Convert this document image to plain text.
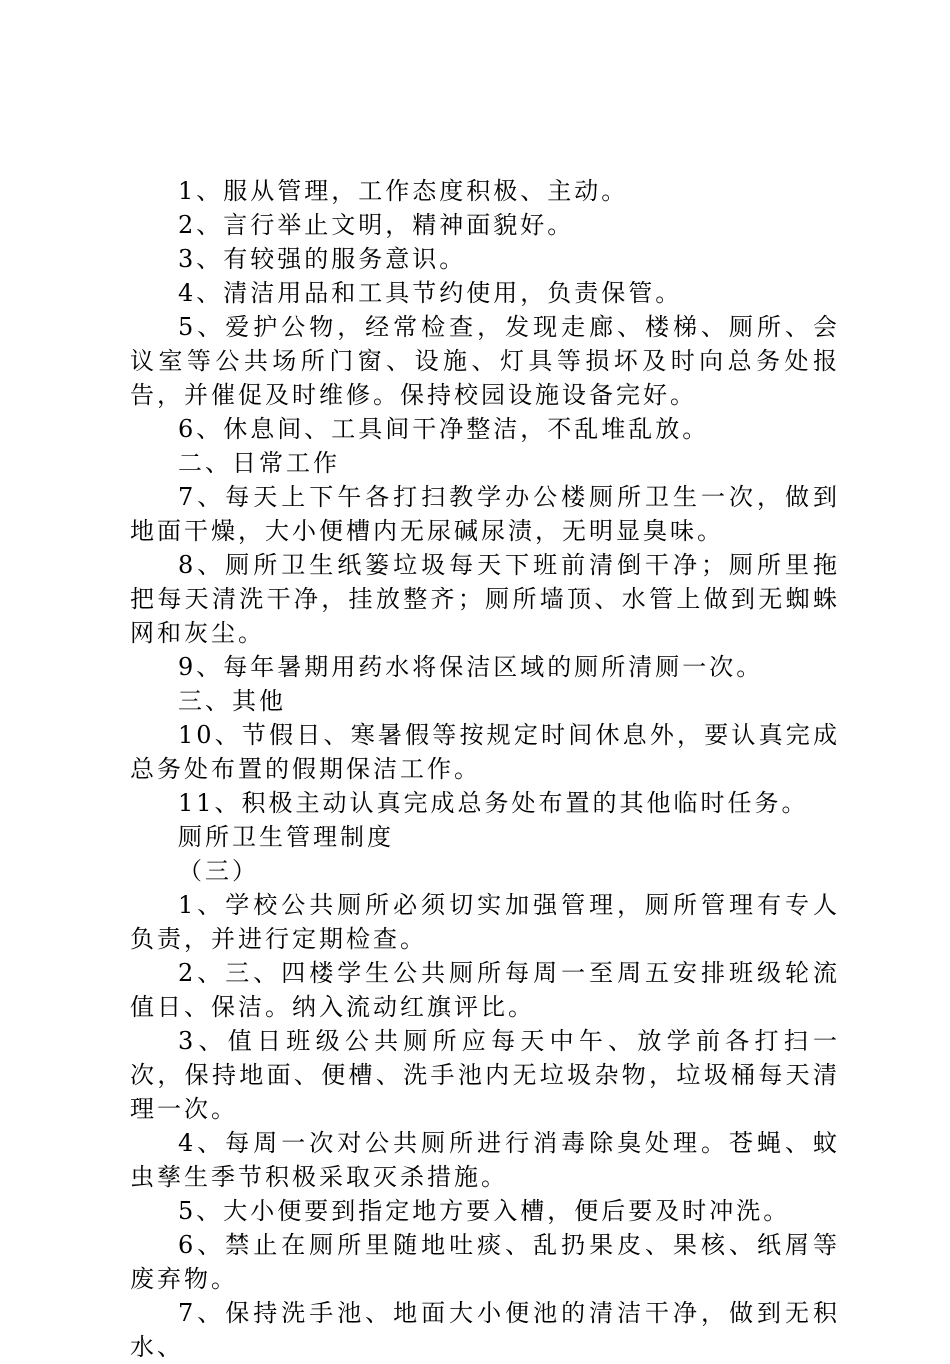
1、服从管理，工作态度积极、主动。

2、言行举止文明，精神面貌好。

3、有较强的服务意识。

4、清洁用品和工具节约使用，负责保管。

5、爱护公物，经常检查，发现走廊、楼梯、厕所、会议室等公共场所门窗、设施、灯具等损坏及时向总务处报告，并催促及时维修。保持校园设施设备完好。

6、休息间、工具间干净整洁，不乱堆乱放。

二、日常工作

7、每天上下午各打扫教学办公楼厕所卫生一次，做到地面干燥，大小便槽内无尿碱尿渍，无明显臭味。

8、厕所卫生纸篓垃圾每天下班前清倒干净；厕所里拖把每天清洗干净，挂放整齐；厕所墙顶、水管上做到无蜘蛛网和灰尘。

9、每年暑期用药水将保洁区域的厕所清厕一次。

三、其他

10、节假日、寒暑假等按规定时间休息外，要认真完成总务处布置的假期保洁工作。

11、积极主动认真完成总务处布置的其他临时任务。

厕所卫生管理制度

（三）

1、学校公共厕所必须切实加强管理，厕所管理有专人负责，并进行定期检查。

2、三、四楼学生公共厕所每周一至周五安排班级轮流值日、保洁。纳入流动红旗评比。

3、值日班级公共厕所应每天中午、放学前各打扫一次，保持地面、便槽、洗手池内无垃圾杂物，垃圾桶每天清理一次。

4、每周一次对公共厕所进行消毒除臭处理。苍蝇、蚊虫孳生季节积极采取灭杀措施。

5、大小便要到指定地方要入槽，便后要及时冲洗。

6、禁止在厕所里随地吐痰、乱扔果皮、果核、纸屑等废弃物。

7、保持洗手池、地面大小便池的清洁干净，做到无积水、
